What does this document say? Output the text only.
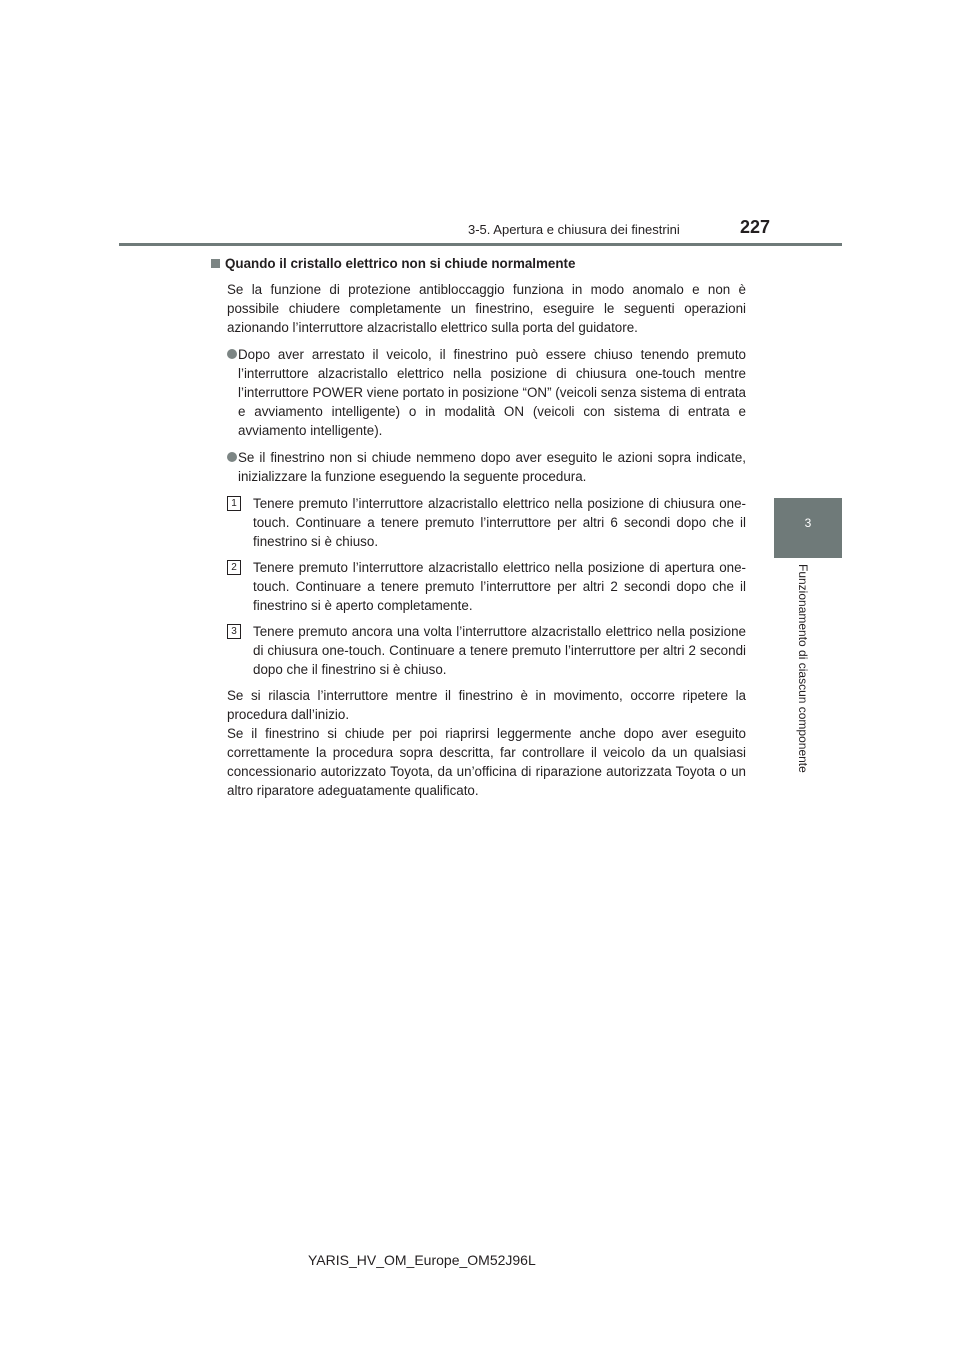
3-5. Apertura e chiusura dei finestrini	227
3
Funzionamento di ciascun componente
Quando il cristallo elettrico non si chiude normalmente

Se la funzione di protezione antibloccaggio funziona in modo anomalo e non è possibile chiudere completamente un finestrino, eseguire le seguenti operazioni azionando l’interruttore alzacristallo elettrico sulla porta del guidatore.

Dopo aver arrestato il veicolo, il finestrino può essere chiuso tenendo premuto l’interruttore alzacristallo elettrico nella posizione di chiusura one-touch mentre l’interruttore POWER viene portato in posizione “ON” (veicoli senza sistema di entrata e avviamento intelligente) o in modalità ON (veicoli con sistema di entrata e avviamento intelligente).
Se il finestrino non si chiude nemmeno dopo aver eseguito le azioni sopra indicate, inizializzare la funzione eseguendo la seguente procedura.
1	Tenere premuto l’interruttore alzacristallo elettrico nella posizione di chiusura one-touch. Continuare a tenere premuto l’interruttore per altri 6 secondi dopo che il finestrino si è chiuso.
2	Tenere premuto l’interruttore alzacristallo elettrico nella posizione di apertura one-touch. Continuare a tenere premuto l’interruttore per altri 2 secondi dopo che il finestrino si è aperto completamente.
3	Tenere premuto ancora una volta l’interruttore alzacristallo elettrico nella posizione di chiusura one-touch. Continuare a tenere premuto l’interruttore per altri 2 secondi dopo che il finestrino si è chiuso.

Se si rilascia l’interruttore mentre il finestrino è in movimento, occorre ripetere la procedura dall’inizio.

Se il finestrino si chiude per poi riaprirsi leggermente anche dopo aver eseguito correttamente la procedura sopra descritta, far controllare il veicolo da un qualsiasi concessionario autorizzato Toyota, da un’officina di riparazione autorizzata Toyota o un altro riparatore adeguatamente qualificato.

YARIS_HV_OM_Europe_OM52J96L
